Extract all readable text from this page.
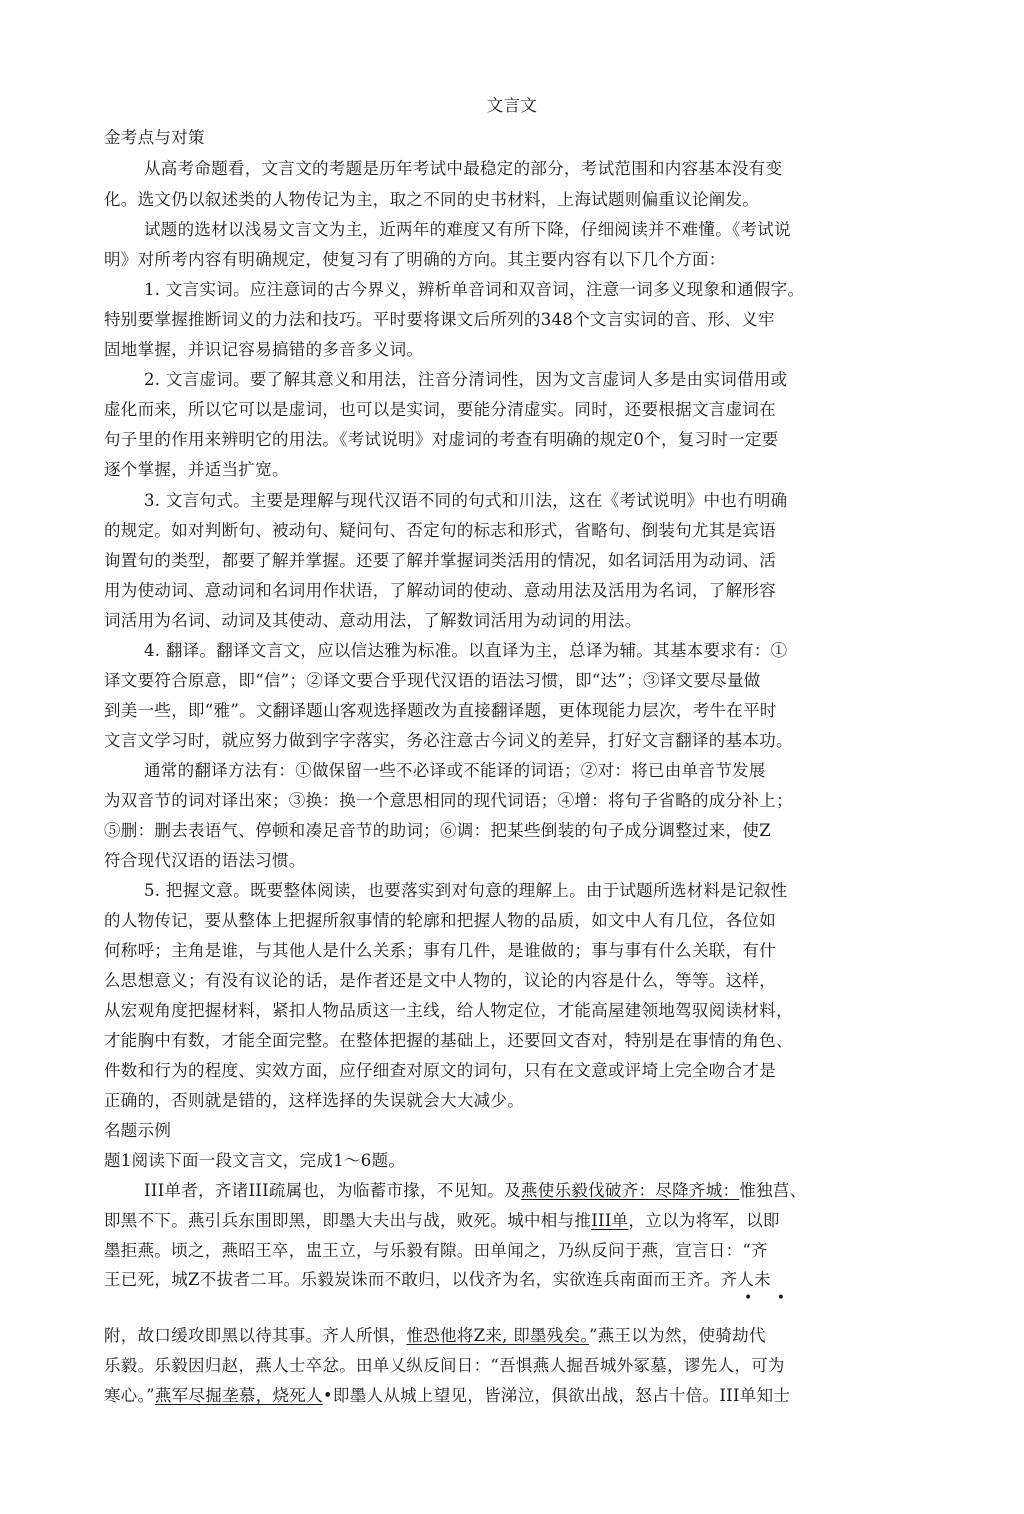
文言文
金考点与对策
从高考命题看，文言文的考题是历年考试中最稳定的部分，考试范围和内容基本没有变
化。选文仍以叙述类的人物传记为主，取之不同的史书材料，上海试题则偏重议论阐发。
试题的选材以浅易文言文为主，近两年的难度又有所下降，仔细阅读并不难懂。《考试说
明》对所考内容有明确规定，使复习有了明确的方向。其主要内容有以下几个方面：
1. 文言实词。应注意词的古今界义，辨析单音词和双音词，注意一词多义现象和通假字。
特别要掌握推断词义的力法和技巧。平时要将课文后所列的348个文言实词的音、形、义牢
固地掌握，并识记容易搞错的多音多义词。
2. 文言虚词。要了解其意义和用法，注音分清词性，因为文言虚词人多是由实词借用或
虚化而来，所以它可以是虚词，也可以是实词，要能分清虚实。同时，还要根据文言虚词在
句子里的作用来辨明它的用法。《考试说明》对虚词的考查有明确的规定0个，复习时一定要
逐个掌握，并适当扩宽。
3. 文言句式。主要是理解与现代汉语不同的句式和川法，这在《考试说明》中也冇明确
的规定。如对判断句、被动句、疑问句、否定句的标志和形式，省略句、倒装句尤其是宾语
询置句的类型，都要了解并掌握。还要了解并掌握词类活用的情况，如名词活用为动词、活
用为使动词、意动词和名词用作状语，了解动词的使动、意动用法及活用为名词，了解形容
词活用为名词、动词及其使动、意动用法，了解数词活用为动词的用法。
4. 翻译。翻译文言文，应以信达雅为标准。以直译为主，总译为辅。其基本要求有：①
译文要符合原意，即“信”；②译文要合乎现代汉语的语法习惯，即“达”；③译文要尽量做
到美一些，即“雅”。文翻译题山客观选择题改为直接翻译题，更体现能力层次，考牛在平时
文言文学习时，就应努力做到字字落实，务必注意古今词义的差异，打好文言翻译的基本功。
通常的翻译方法有：①做保留一些不必译或不能译的词语；②对：将已由单音节发展
为双音节的词对译出來；③换：换一个意思相同的现代词语；④增：将句子省略的成分补上；
⑤删：删去表语气、停顿和凑足音节的助词；⑥调：把某些倒装的句子成分调整过来，使Z
符合现代汉语的语法习惯。
5. 把握文意。既要整体阅读，也要落实到对句意的理解上。由于试题所选材料是记叙性
的人物传记，要从整体上把握所叙事情的轮廓和把握人物的品质，如文中人有几位，各位如
何称呼；主角是谁，与其他人是什么关系；事有几件，是谁做的；事与事有什么关联，有什
么思想意义；有没有议论的话，是作者还是文中人物的，议论的内容是什么，等等。这样，
从宏观角度把握材料，紧扣人物品质这一主线，给人物定位，才能高屋建领地驾驭阅读材料，
才能胸中有数，才能全面完整。在整体把握的基础上，还要回文杳对，特别是在事情的角色、
件数和行为的程度、实效方面，应仔细查对原文的词句，只有在文意或评埼上完全吻合才是
正确的，否则就是错的，这样选择的失误就会大大减少。
名题示例
题1阅读下面一段文言文，完成1～6题。
III单者，齐诸III疏属也，为临蓄市掾，不见知。及燕使乐毅伐破齐：尽降齐城：惟独莒、
即黑不下。燕引兵东围即黑，即墨大夫出与战，败死。城中相与推III单，立以为将军，以即
墨拒燕。顷之，燕昭王卒，盅王立，与乐毅有隙。田单闻之，乃纵反问于燕，宣言日：“齐
王已死，城Z不拔者二耳。乐毅炭诛而不敢归，以伐齐为名，实欲连兵南面而王齐。齐人未
• •
附，故口缓攻即黑以待其事。齐人所惧，惟恐他将Z来, 即墨残矣。”燕王以为然，使骑劫代
乐毅。乐毅因归赵，燕人士卒忿。田单乂纵反间日：“吾惧燕人掘吾城外冢墓，谬先人，可为
寒心。”燕军尽掘垄慕，烧死人•即墨人从城上望见，皆涕泣，俱欲出战，怒占十倍。III单知士
